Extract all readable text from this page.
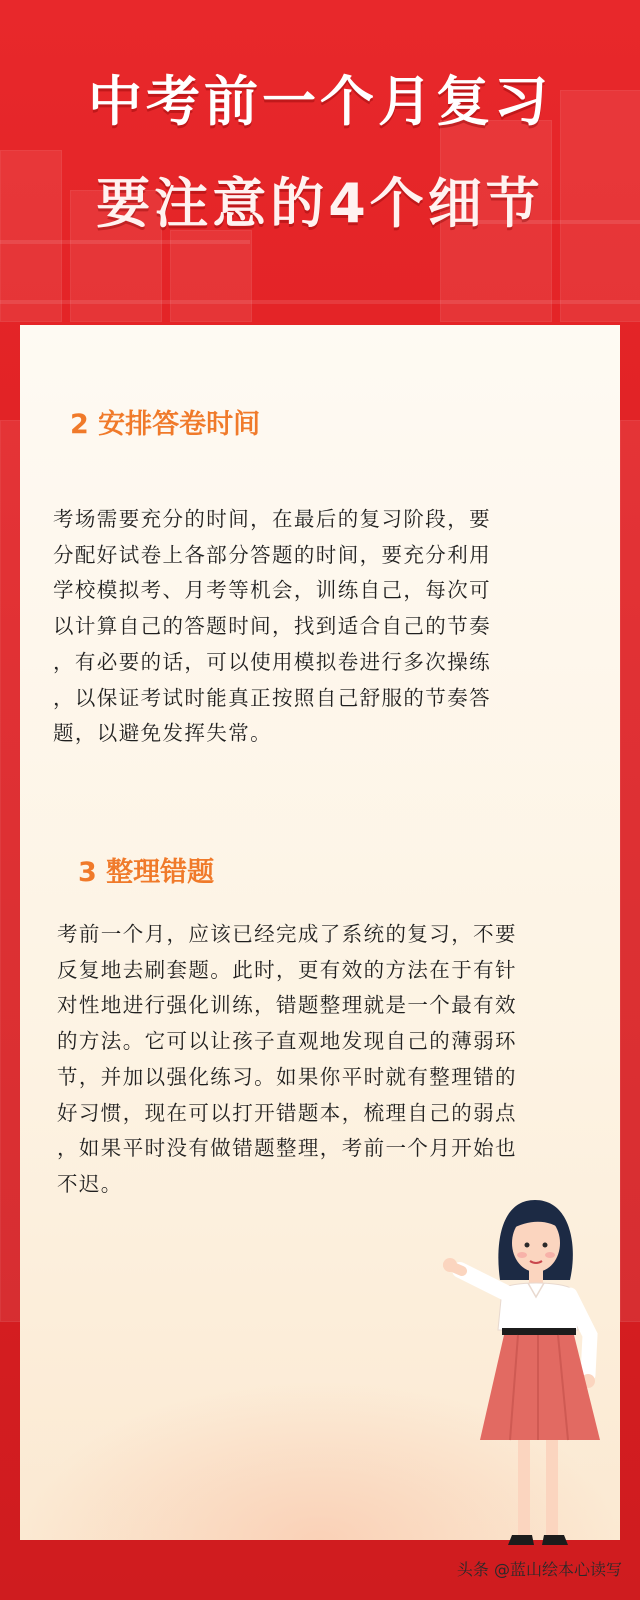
中考前一个月复习
要注意的4个细节
2 安排答卷时间

考场需要充分的时间，在最后的复习阶段，要
分配好试卷上各部分答题的时间，要充分利用
学校模拟考、月考等机会，训练自己，每次可
以计算自己的答题时间，找到适合自己的节奏
，有必要的话，可以使用模拟卷进行多次操练
，以保证考试时能真正按照自己舒服的节奏答
题，以避免发挥失常。

3 整理错题

考前一个月，应该已经完成了系统的复习，不要
反复地去刷套题。此时，更有效的方法在于有针
对性地进行强化训练，错题整理就是一个最有效
的方法。它可以让孩子直观地发现自己的薄弱环
节，并加以强化练习。如果你平时就有整理错的
好习惯，现在可以打开错题本，梳理自己的弱点
，如果平时没有做错题整理，考前一个月开始也
不迟。

头条 @蓝山绘本心读写
